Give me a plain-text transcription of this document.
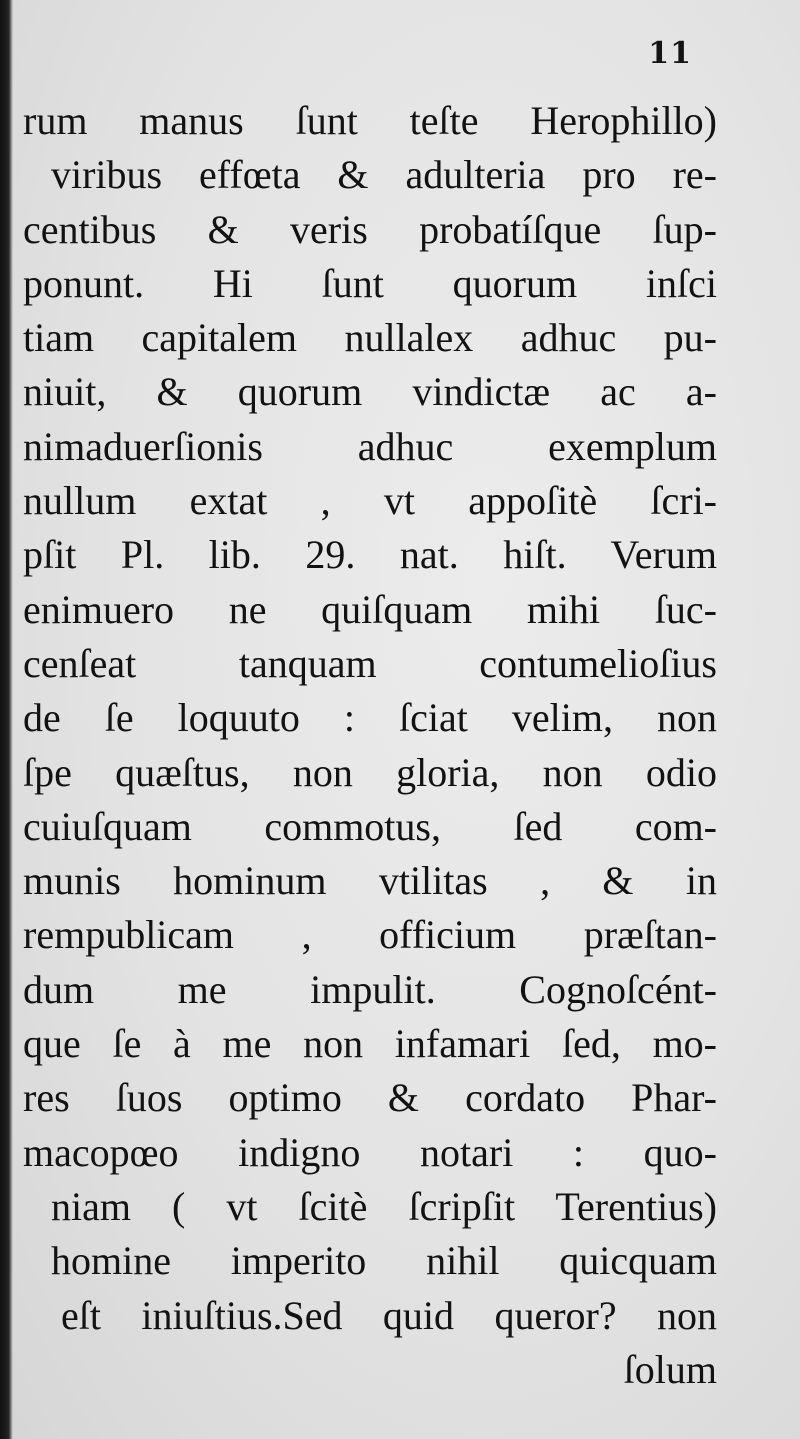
11
rum manus ſunt teſte Herophillo)
viribus effœta & adulteria pro re-
centibus & veris probatíſque ſup-
ponunt. Hi ſunt quorum inſci
tiam capitalem nullalex adhuc pu-
niuit, & quorum vindictæ ac a-
nimaduerſionis adhuc exemplum
nullum extat , vt appoſitè ſcri-
pſit Pl. lib. 29. nat. hiſt. Verum
enimuero ne quiſquam mihi ſuc-
cenſeat tanquam contumelioſius
de ſe loquuto : ſciat velim, non
ſpe quæſtus, non gloria, non odio
cuiuſquam commotus, ſed com-
munis hominum vtilitas , & in
rempublicam , officium præſtan-
dum me impulit. Cognoſcént-
que ſe à me non infamari ſed, mo-
res ſuos optimo & cordato Phar-
macopœo indigno notari : quo-
niam ( vt ſcitè ſcripſit Terentius)
homine imperito nihil quicquam
eſt iniuſtius.Sed quid queror? non
ſolum
